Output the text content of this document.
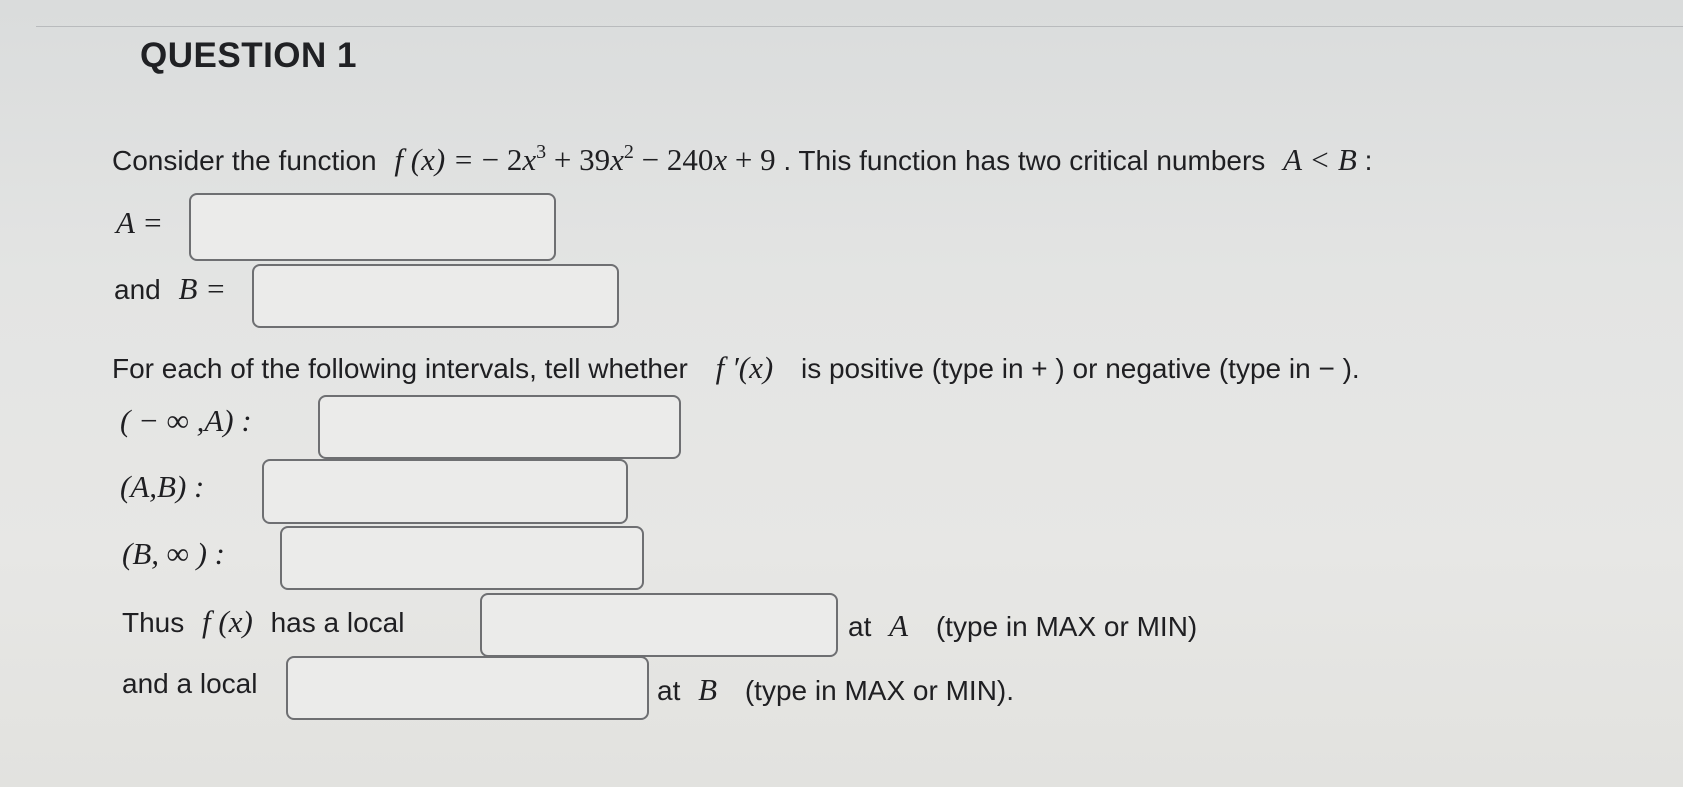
QUESTION 1
Consider the function f (x) = − $2x^3 + 39x^2 - 240x + 9$ . This function has two critical numbers A < B :
A =
and B =
For each of the following intervals, tell whether f ′(x) is positive (type in + ) or negative (type in − ).
( − ∞ ,A) :
(A,B) :
(B, ∞ ) :
Thus f (x) has a local	at A (type in MAX or MIN)
and a local	at B (type in MAX or MIN).
